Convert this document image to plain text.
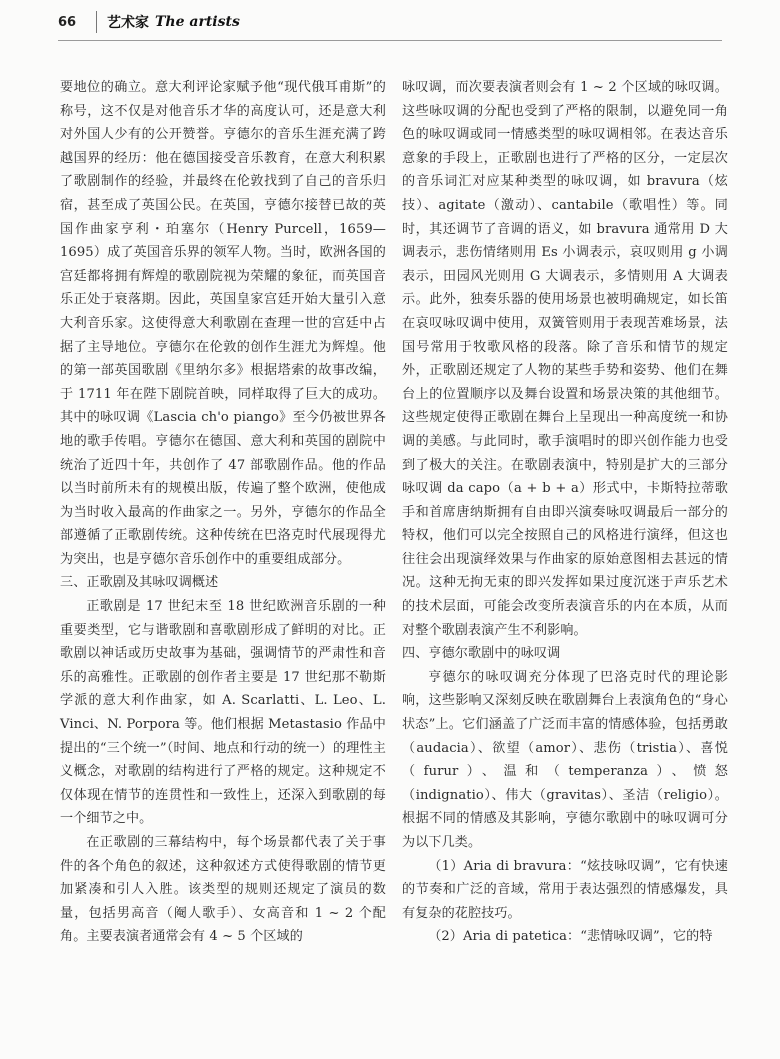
66	艺术家 The artists

要地位的确立。意大利评论家赋予他“现代俄耳甫斯”的称号，这不仅是对他音乐才华的高度认可，还是意大利对外国人少有的公开赞誉。亨德尔的音乐生涯充满了跨越国界的经历：他在德国接受音乐教育，在意大利积累了歌剧制作的经验，并最终在伦敦找到了自己的音乐归宿，甚至成了英国公民。在英国，亨德尔接替已故的英国作曲家亨利・珀塞尔（Henry Purcell，1659—1695）成了英国音乐界的领军人物。当时，欧洲各国的宫廷都将拥有辉煌的歌剧院视为荣耀的象征，而英国音乐正处于衰落期。因此，英国皇家宫廷开始大量引入意大利音乐家。这使得意大利歌剧在查理一世的宫廷中占据了主导地位。亨德尔在伦敦的创作生涯尤为辉煌。他的第一部英国歌剧《里纳尔多》根据塔索的故事改编，于 1711 年在陛下剧院首映，同样取得了巨大的成功。其中的咏叹调《Lascia ch'o piango》至今仍被世界各地的歌手传唱。亨德尔在德国、意大利和英国的剧院中统治了近四十年，共创作了 47 部歌剧作品。他的作品以当时前所未有的规模出版，传遍了整个欧洲，使他成为当时收入最高的作曲家之一。另外，亨德尔的作品全部遵循了正歌剧传统。这种传统在巴洛克时代展现得尤为突出，也是亨德尔音乐创作中的重要组成部分。

三、正歌剧及其咏叹调概述

正歌剧是 17 世纪末至 18 世纪欧洲音乐剧的一种重要类型，它与谐歌剧和喜歌剧形成了鲜明的对比。正歌剧以神话或历史故事为基础，强调情节的严肃性和音乐的高雅性。正歌剧的创作者主要是 17 世纪那不勒斯学派的意大利作曲家，如 A. Scarlatti、L. Leo、L. Vinci、N. Porpora 等。他们根据 Metastasio 作品中提出的“三个统一”（时间、地点和行动的统一）的理性主义概念，对歌剧的结构进行了严格的规定。这种规定不仅体现在情节的连贯性和一致性上，还深入到歌剧的每一个细节之中。

在正歌剧的三幕结构中，每个场景都代表了关于事件的各个角色的叙述，这种叙述方式使得歌剧的情节更加紧凑和引人入胜。该类型的规则还规定了演员的数量，包括男高音（阉人歌手）、女高音和 1 ~ 2 个配角。主要表演者通常会有 4 ~ 5 个区域的

咏叹调，而次要表演者则会有 1 ~ 2 个区域的咏叹调。这些咏叹调的分配也受到了严格的限制，以避免同一角色的咏叹调或同一情感类型的咏叹调相邻。在表达音乐意象的手段上，正歌剧也进行了严格的区分，一定层次的音乐词汇对应某种类型的咏叹调，如 bravura（炫技）、agitate（激动）、cantabile（歌唱性）等。同时，其还调节了音调的语义，如 bravura 通常用 D 大调表示，悲伤情绪则用 Es 小调表示，哀叹则用 g 小调表示，田园风光则用 G 大调表示，多情则用 A 大调表示。此外，独奏乐器的使用场景也被明确规定，如长笛在哀叹咏叹调中使用，双簧管则用于表现苦难场景，法国号常用于牧歌风格的段落。除了音乐和情节的规定外，正歌剧还规定了人物的某些手势和姿势、他们在舞台上的位置顺序以及舞台设置和场景决策的其他细节。这些规定使得正歌剧在舞台上呈现出一种高度统一和协调的美感。与此同时，歌手演唱时的即兴创作能力也受到了极大的关注。在歌剧表演中，特别是扩大的三部分咏叹调 da capo（a + b + a）形式中，卡斯特拉蒂歌手和首席唐纳斯拥有自由即兴演奏咏叹调最后一部分的特权，他们可以完全按照自己的风格进行演绎，但这也往往会出现演绎效果与作曲家的原始意图相去甚远的情况。这种无拘无束的即兴发挥如果过度沉迷于声乐艺术的技术层面，可能会改变所表演音乐的内在本质，从而对整个歌剧表演产生不利影响。

四、亨德尔歌剧中的咏叹调

亨德尔的咏叹调充分体现了巴洛克时代的理论影响，这些影响又深刻反映在歌剧舞台上表演角色的“身心状态”上。它们涵盖了广泛而丰富的情感体验，包括勇敢（audacia）、欲望（amor）、悲伤（tristia）、喜悦（furur）、温和（temperanza）、愤怒（indignatio）、伟大（gravitas）、圣洁（religio）。根据不同的情感及其影响，亨德尔歌剧中的咏叹调可分为以下几类。

（1）Aria di bravura：“炫技咏叹调”，它有快速的节奏和广泛的音域，常用于表达强烈的情感爆发，具有复杂的花腔技巧。

（2）Aria di patetica：“悲情咏叹调”，它的特
